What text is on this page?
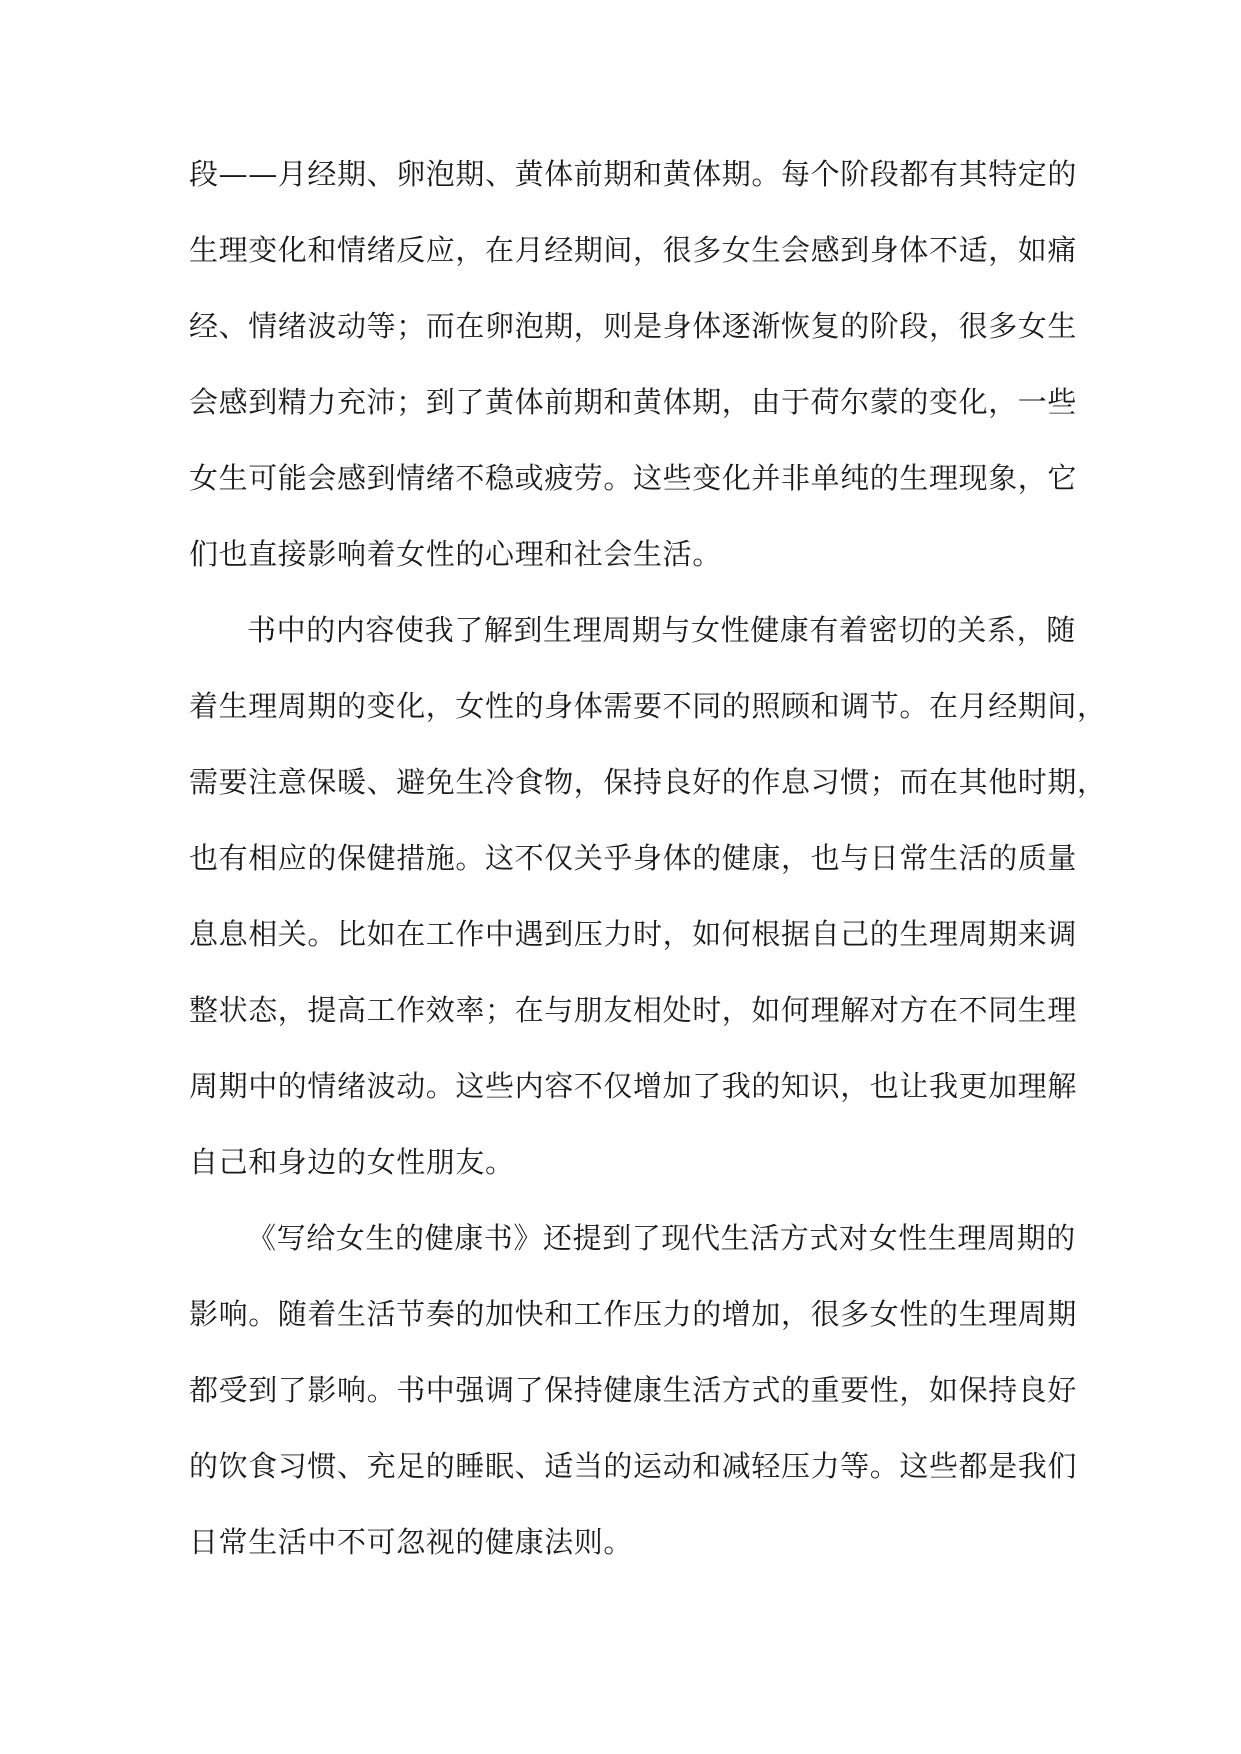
段——月经期、卵泡期、黄体前期和黄体期。每个阶段都有其特定的
生理变化和情绪反应，在月经期间，很多女生会感到身体不适，如痛
经、情绪波动等；而在卵泡期，则是身体逐渐恢复的阶段，很多女生
会感到精力充沛；到了黄体前期和黄体期，由于荷尔蒙的变化，一些
女生可能会感到情绪不稳或疲劳。这些变化并非单纯的生理现象，它
们也直接影响着女性的心理和社会生活。
书中的内容使我了解到生理周期与女性健康有着密切的关系，随
着生理周期的变化，女性的身体需要不同的照顾和调节。在月经期间，
需要注意保暖、避免生冷食物，保持良好的作息习惯；而在其他时期，
也有相应的保健措施。这不仅关乎身体的健康，也与日常生活的质量
息息相关。比如在工作中遇到压力时，如何根据自己的生理周期来调
整状态，提高工作效率；在与朋友相处时，如何理解对方在不同生理
周期中的情绪波动。这些内容不仅增加了我的知识，也让我更加理解
自己和身边的女性朋友。
《写给女生的健康书》还提到了现代生活方式对女性生理周期的
影响。随着生活节奏的加快和工作压力的增加，很多女性的生理周期
都受到了影响。书中强调了保持健康生活方式的重要性，如保持良好
的饮食习惯、充足的睡眠、适当的运动和减轻压力等。这些都是我们
日常生活中不可忽视的健康法则。
